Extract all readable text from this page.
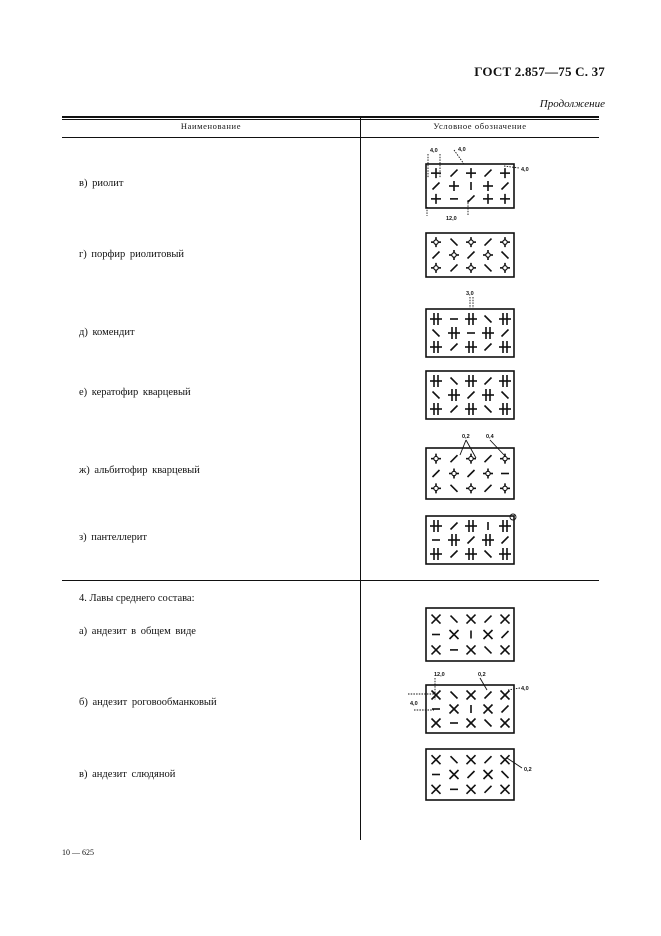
ГОСТ 2.857—75 С. 37
Продолжение
Наименование	Условное обозначение
в) риолит
г) порфир риолитовый
д) комендит
е) кератофир кварцевый
ж) альбитофир кварцевый
з) пантеллерит
4. Лавы среднего состава:
а) андезит в общем виде
б) андезит роговообманковый
в) андезит слюдяной
4,0	4,0
4,0
12,0
3,0
0,2	0,4
12,0	0,2
4,0
4,0
0,2
10 — 625
